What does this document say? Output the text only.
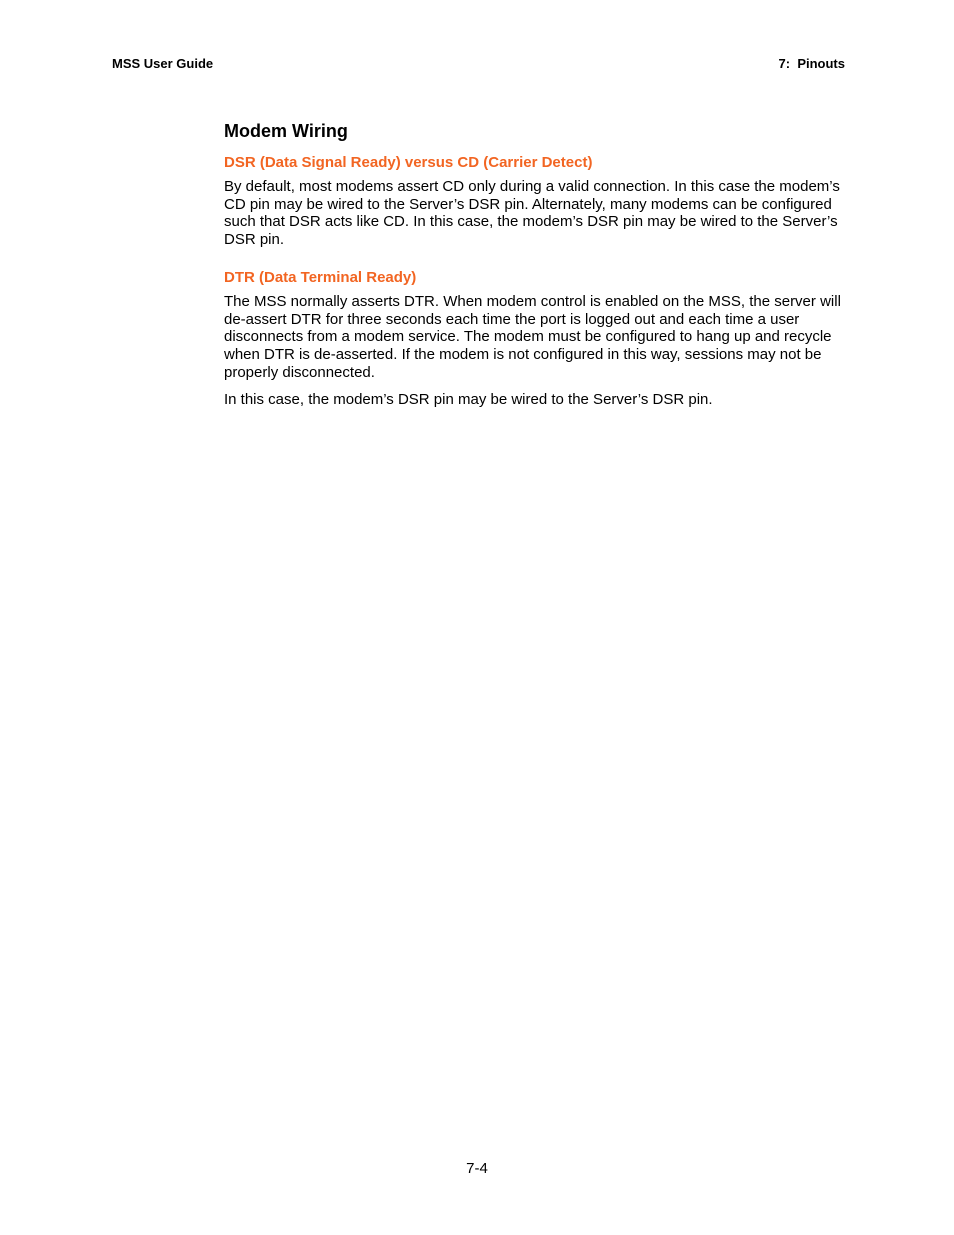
MSS User Guide	7:  Pinouts
Modem Wiring
DSR (Data Signal Ready) versus CD (Carrier Detect)

By default, most modems assert CD only during a valid connection. In this case the modem’s CD pin may be wired to the Server’s DSR pin. Alternately, many modems can be configured such that DSR acts like CD. In this case, the modem’s DSR pin may be wired to the Server’s DSR pin.

DTR (Data Terminal Ready)

The MSS normally asserts DTR. When modem control is enabled on the MSS, the server will de-assert DTR for three seconds each time the port is logged out and each time a user disconnects from a modem service. The modem must be configured to hang up and recycle when DTR is de-asserted. If the modem is not configured in this way, sessions may not be properly disconnected.

In this case, the modem’s DSR pin may be wired to the Server’s DSR pin.

7-4
